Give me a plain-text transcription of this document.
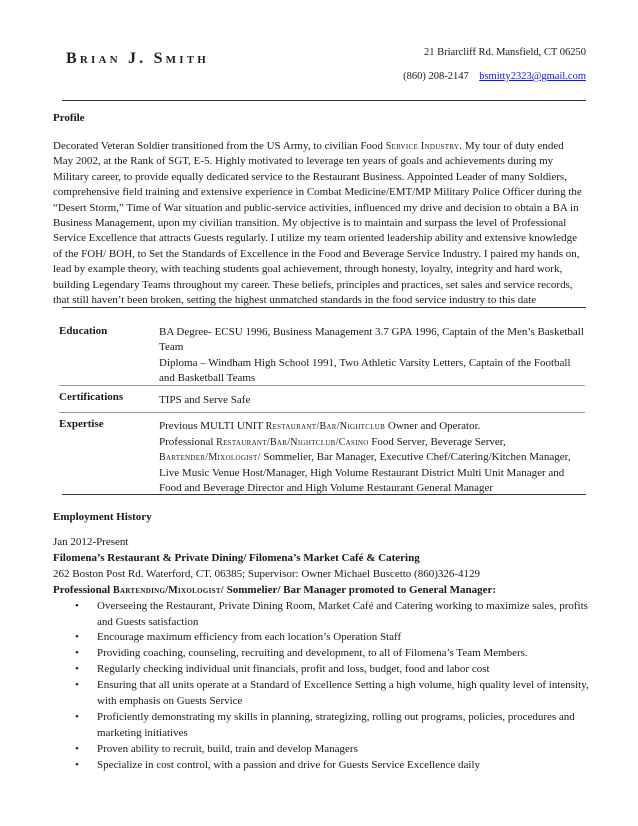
Brian J. Smith	21 Briarcliff Rd. Mansfield, CT 06250
(860) 208-2147 bsmitty2323@gmail.com
Profile
Decorated Veteran Soldier transitioned from the US Army, to civilian Food Service Industry. My tour of duty ended May 2002, at the Rank of SGT, E-5. Highly motivated to leverage ten years of goals and achievements during my Military career, to provide equally dedicated service to the Restaurant Business. Appointed Leader of many Soldiers, comprehensive field training and extensive experience in Combat Medicine/EMT/MP Military Police Officer during the “Desert Storm,” Time of War situation and public-service activities, influenced my drive and decision to obtain a BA in Business Management, upon my civilian transition. My objective is to maintain and surpass the level of Professional Service Excellence that attracts Guests regularly. I utilize my team oriented leadership ability and extensive knowledge of the FOH/ BOH, to Set the Standards of Excellence in the Food and Beverage Service Industry. I paired my hands on, lead by example theory, with teaching students goal achievement, through honesty, loyalty, integrity and hard work, building Legendary Teams throughout my career. These beliefs, principles and practices, set sales and service records, that still haven’t been broken, setting the highest unmatched standards in the food service industry to this date
Education	BA Degree- ECSU 1996, Business Management 3.7 GPA 1996, Captain of the Men’s Basketball Team
Diploma – Windham High School 1991, Two Athletic Varsity Letters, Captain of the Football and Basketball Teams
Certifications	TIPS and Serve Safe
Expertise	Previous MULTI UNIT Restaurant/Bar/Nightclub Owner and Operator.
Professional Restaurant/Bar/Nightclub/Casino Food Server, Beverage Server, Bartender/Mixologist/ Sommelier, Bar Manager, Executive Chef/Catering/Kitchen Manager, Live Music Venue Host/Manager, High Volume Restaurant District Multi Unit Manager and Food and Beverage Director and High Volume Restaurant General Manager
Employment History
Jan 2012-Present
Filomena’s Restaurant & Private Dining/ Filomena’s Market Café & Catering
262 Boston Post Rd. Waterford, CT. 06385; Supervisor: Owner Michael Buscetto (860)326-4129
Professional Bartending/Mixologist/ Sommelier/ Bar Manager promoted to General Manager:
• Overseeing the Restaurant, Private Dining Room, Market Café and Catering working to maximize sales, profits and Guests satisfaction
• Encourage maximum efficiency from each location’s Operation Staff
• Providing coaching, counseling, recruiting and development, to all of Filomena’s Team Members.
• Regularly checking individual unit financials, profit and loss, budget, food and labor cost
• Ensuring that all units operate at a Standard of Excellence Setting a high volume, high quality level of intensity, with emphasis on Guests Service
• Proficiently demonstrating my skills in planning, strategizing, rolling out programs, policies, procedures and marketing initiatives
• Proven ability to recruit, build, train and develop Managers
• Specialize in cost control, with a passion and drive for Guests Service Excellence daily
